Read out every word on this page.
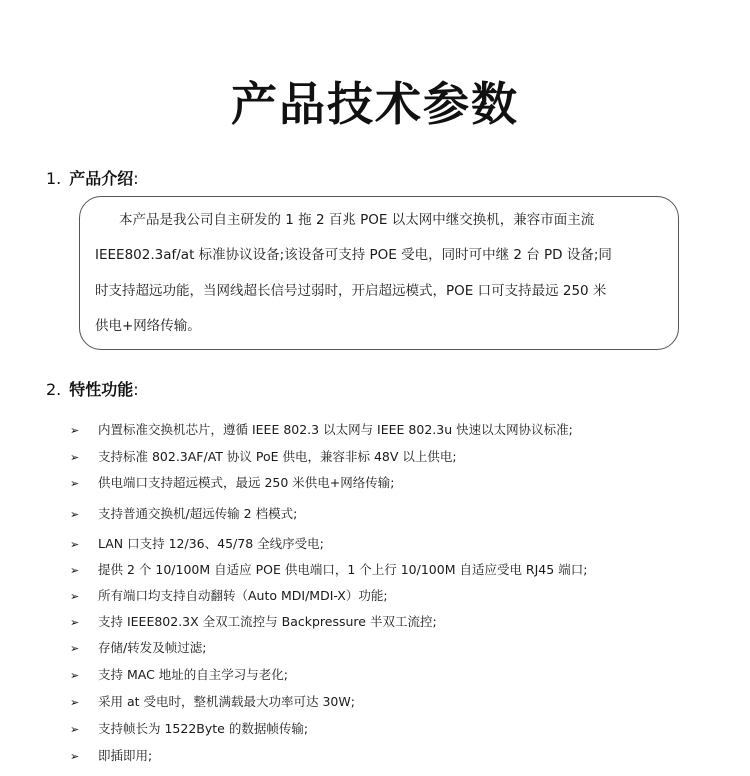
产品技术参数
1. 产品介绍:
本产品是我公司自主研发的 1 拖 2 百兆 POE 以太网中继交换机，兼容市面主流
IEEE802.3af/at 标准协议设备;该设备可支持 POE 受电，同时可中继 2 台 PD 设备;同
时支持超远功能，当网线超长信号过弱时，开启超远模式，POE 口可支持最远 250 米
供电+网络传输。
2. 特性功能:
➢ 内置标准交换机芯片，遵循 IEEE 802.3 以太网与 IEEE 802.3u 快速以太网协议标准;
➢ 支持标准 802.3AF/AT 协议 PoE 供电，兼容非标 48V 以上供电;
➢ 供电端口支持超远模式，最远 250 米供电+网络传输;
➢ 支持普通交换机/超远传输 2 档模式;
➢ LAN 口支持 12/36、45/78 全线序受电;
➢ 提供 2 个 10/100M 自适应 POE 供电端口，1 个上行 10/100M 自适应受电 RJ45 端口;
➢ 所有端口均支持自动翻转（Auto MDI/MDI-X）功能;
➢ 支持 IEEE802.3X 全双工流控与 Backpressure 半双工流控;
➢ 存储/转发及帧过滤;
➢ 支持 MAC 地址的自主学习与老化;
➢ 采用 at 受电时，整机满载最大功率可达 30W;
➢ 支持帧长为 1522Byte 的数据帧传输;
➢ 即插即用;
